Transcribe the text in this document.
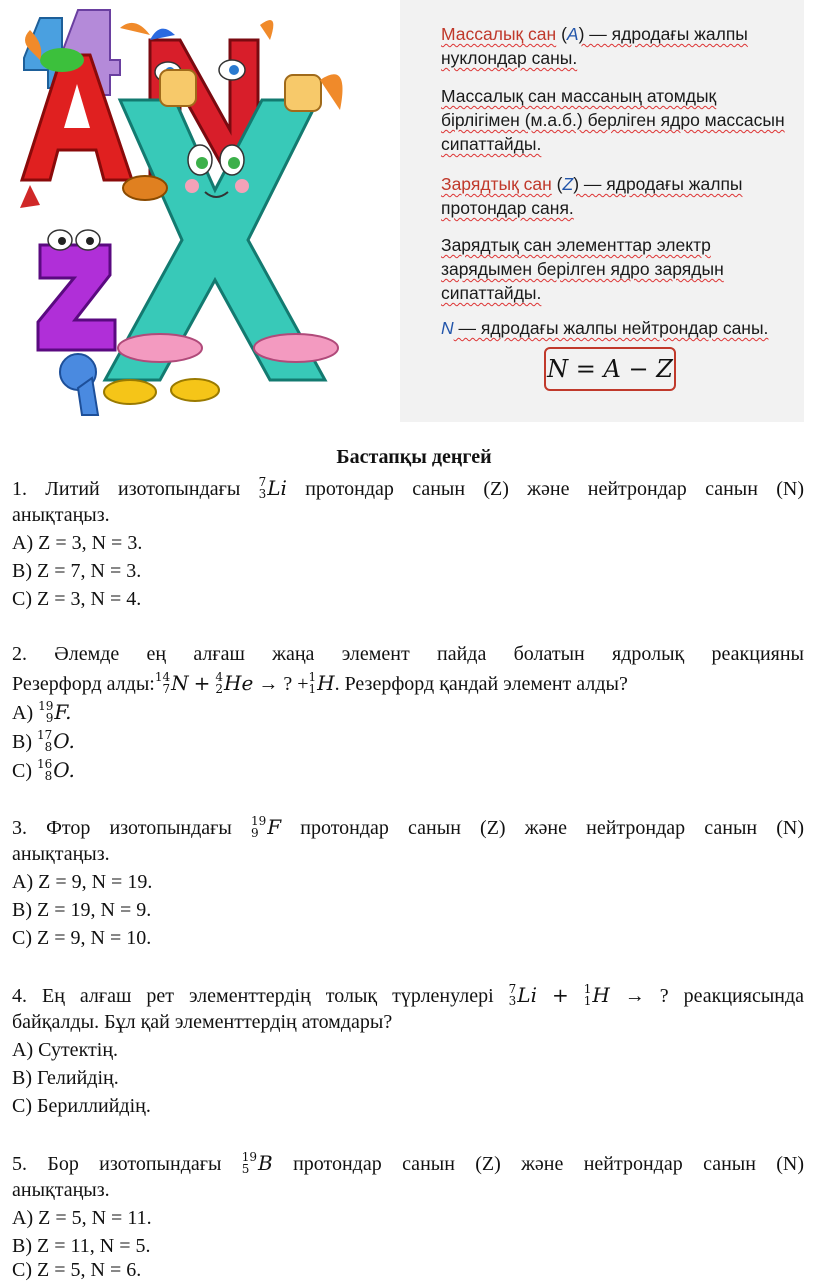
Массалық сан (A) — ядродағы жалпы нуклондар саны.

Массалық сан массаның атомдық бірлігімен (м.а.б.) берліген ядро массасын сипаттайды.

Зарядтық сан (Z) — ядродағы жалпы протондар саня.

Зарядтық сан элементтар электр зарядымен берілген ядро зарядын сипаттайды.

N — ядродағы жалпы нейтрондар саны.

N = A − Z
Бастапқы деңгей
1. Литий изотопындағы 7
3 Li протондар санын (Z) және нейтрондар санын (N)
анықтаңыз.
A) Z = 3, N = 3.
B) Z = 7, N = 3.
C) Z = 3, N = 4.
2. Әлемде ең алғаш жаңа элемент пайда болатын ядролық реакцияны
Резерфорд алды: 14
7 N + 4
2 He → ? + 1
1 H. Резерфорд қандай элемент алды?
A) 19
9 F.
B) 17
8 O.
C) 16
8 O.
3. Фтор изотопындағы 19
9 F протондар санын (Z) және нейтрондар санын (N)
анықтаңыз.
A) Z = 9, N = 19.
B) Z = 19, N = 9.
C) Z = 9, N = 10.
4. Ең алғаш рет элементтердің толық түрленулері 7
3 Li + 1
1 H → ? реакциясында
байқалды. Бұл қай элементтердің атомдары?
A) Сутектің.
B) Гелийдің.
C) Бериллийдің.
5. Бор изотопындағы 19
5 B протондар санын (Z) және нейтрондар санын (N)
анықтаңыз.
A) Z = 5, N = 11.
B) Z = 11, N = 5.
C) Z = 5, N = 6.
